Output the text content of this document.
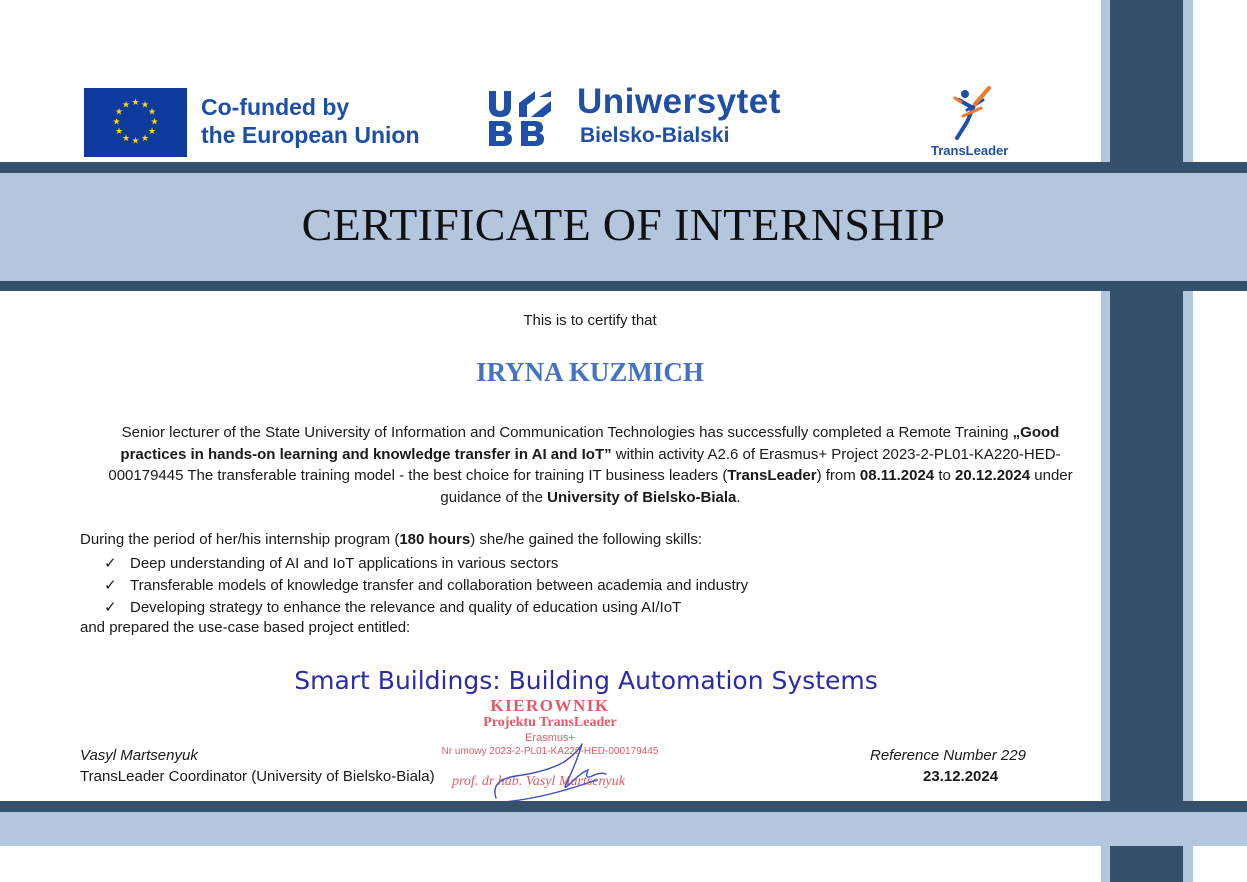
★ ★
★
★
★
★
★
★
★
★
★
★	Co-funded by
the European Union
Uniwersytet
Bielsko-Bialski
TransLeader
CERTIFICATE OF INTERNSHIP
This is to certify that
IRYNA KUZMICH
Senior lecturer of the State University of Information and Communication Technologies has successfully completed a Remote Training „Good practices in hands-on learning and knowledge transfer in AI and IoT” within activity A2.6 of Erasmus+ Project 2023-2-PL01-KA220-HED-000179445 The transferable training model - the best choice for training IT business leaders (TransLeader) from 08.11.2024 to 20.12.2024 under guidance of the University of Bielsko-Biala.
During the period of her/his internship program (180 hours) she/he gained the following skills:
✓ Deep understanding of AI and IoT applications in various sectors
✓ Transferable models of knowledge transfer and collaboration between academia and industry
✓ Developing strategy to enhance the relevance and quality of education using AI/IoT
and prepared the use-case based project entitled:
Smart Buildings: Building Automation Systems
KIEROWNIK
Projektu TransLeader
Erasmus+
Nr umowy 2023-2-PL01-KA220-HED-000179445
prof. dr hab. Vasyl Martsenyuk
Vasyl Martsenyuk
TransLeader Coordinator (University of Bielsko-Biala)
Reference Number 229
23.12.2024
